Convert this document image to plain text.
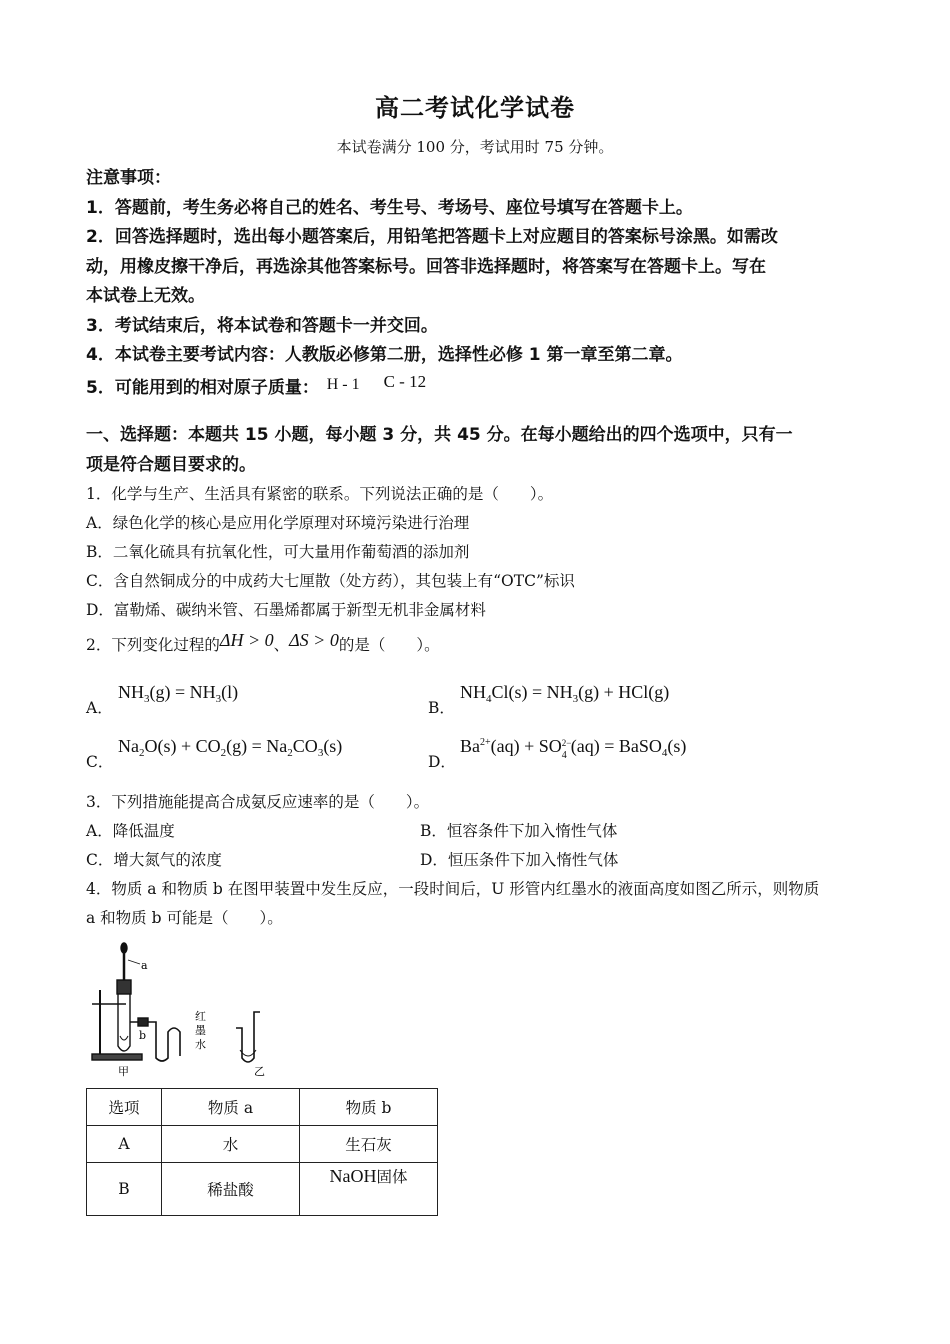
高二考试化学试卷
本试卷满分 100 分，考试用时 75 分钟。
注意事项：
1．答题前，考生务必将自己的姓名、考生号、考场号、座位号填写在答题卡上。
2．回答选择题时，选出每小题答案后，用铅笔把答题卡上对应题目的答案标号涂黑。如需改
动，用橡皮擦干净后，再选涂其他答案标号。回答非选择题时，将答案写在答题卡上。写在
本试卷上无效。
3．考试结束后，将本试卷和答题卡一并交回。
4．本试卷主要考试内容：人教版必修第二册，选择性必修 1 第一章至第二章。
5．可能用到的相对原子质量： H - 1 C - 12
一、选择题：本题共 15 小题，每小题 3 分，共 45 分。在每小题给出的四个选项中，只有一
项是符合题目要求的。
1．化学与生产、生活具有紧密的联系。下列说法正确的是（　　）。
A．绿色化学的核心是应用化学原理对环境污染进行治理
B．二氧化硫具有抗氧化性，可大量用作葡萄酒的添加剂
C．含自然铜成分的中成药大七厘散（处方药），其包装上有“OTC”标识
D．富勒烯、碳纳米管、石墨烯都属于新型无机非金属材料
2．下列变化过程的ΔH > 0、ΔS > 0的是（　　）。
A．
$NH_3(g) = NH_3(l)$
B．
$NH_4Cl(s) = NH_3(g) + HCl(g)$
C．
$Na_2O(s) + CO_2(g) = Na_2CO_3(s)$
D．
$Ba^{2+}(aq)$ + SO 2−
4 (aq) = BaSO$_4$(s)
3．下列措施能提高合成氨反应速率的是（　　）。
A．降低温度	B．恒容条件下加入惰性气体
C．增大氮气的浓度	D．恒压条件下加入惰性气体
4．物质 a 和物质 b 在图甲装置中发生反应，一段时间后，U 形管内红墨水的液面高度如图乙所示，则物质
a 和物质 b 可能是（　　）。
a
b
红
墨
水
甲	乙
选项	物质 a	物质 b
A	水	生石灰
B	稀盐酸	NaOH固体
